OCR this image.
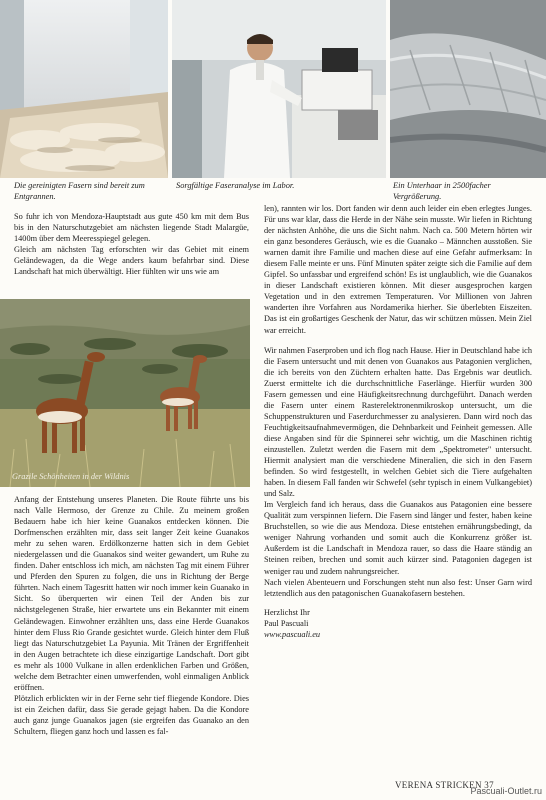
Die gereinigten Fasern sind bereit zum Entgrannen.
Sorgfältige Faseranalyse im Labor.	Ein Unterhaar in 2500facher Vergrößerung.

So fuhr ich von Mendoza-Hauptstadt aus gute 450 km mit dem Bus bis in den Naturschutzgebiet am nächsten liegende Stadt Malargüe, 1400m über dem Meeresspiegel gelegen.

Gleich am nächsten Tag erforschten wir das Gebiet mit einem Geländewagen, da die Wege anders kaum befahrbar sind. Diese Landschaft hat mich überwältigt. Hier fühlten wir uns wie am

Grazile Schönheiten in der Wildnis

Anfang der Entstehung unseres Planeten. Die Route führte uns bis nach Valle Hermoso, der Grenze zu Chile. Zu meinem großen Bedauern habe ich hier keine Guanakos entdecken können. Die Dorfmenschen erzählten mir, dass seit langer Zeit keine Guanakos mehr zu sehen waren. Erdölkonzerne hatten sich in dem Gebiet niedergelassen und die Guanakos sind weiter gewandert, um Ruhe zu finden. Daher entschloss ich mich, am nächsten Tag mit einem Führer und Pferden den Spuren zu folgen, die uns in Richtung der Berge führten. Nach einem Tagesritt hatten wir noch immer kein Guanako in Sicht. So überquerten wir einen Teil der Anden bis zur nächstgelegenen Straße, hier erwartete uns ein Bekannter mit einem Geländewagen. Einwohner erzählten uns, dass eine Herde Guanakos hinter dem Fluss Rio Grande gesichtet wurde. Gleich hinter dem Fluß liegt das Naturschutzgebiet La Payunia. Mit Tränen der Ergriffenheit in den Augen betrachtete ich diese einzigartige Landschaft. Dort gibt es mehr als 1000 Vulkane in allen erdenklichen Farben und Größen, welche dem Betrachter einen umwerfenden, wohl einmaligen Anblick eröffnen.

Plötzlich erblickten wir in der Ferne sehr tief fliegende Kondore. Dies ist ein Zeichen dafür, dass Sie gerade gejagt haben. Da die Kondore auch ganz junge Guanakos jagen (sie ergreifen das Guanako an den Schultern, fliegen ganz hoch und lassen es fal-

len), rannten wir los. Dort fanden wir denn auch leider ein eben erlegtes Junges. Für uns war klar, dass die Herde in der Nähe sein musste. Wir liefen in Richtung der nächsten Anhöhe, die uns die Sicht nahm. Nach ca. 500 Metern hörten wir ein ganz besonderes Geräusch, wie es die Guanako – Männchen ausstoßen. Sie warnen damit ihre Familie und machen diese auf eine Gefahr aufmerksam: In diesem Falle meinte er uns. Fünf Minuten später zeigte sich die Familie auf dem Gipfel. So unfassbar und ergreifend schön! Es ist unglaublich, wie die Guanakos in dieser Landschaft existieren können. Mit dieser ausgesprochen kargen Vegetation und in den extremen Temperaturen. Vor Millionen von Jahren wanderten ihre Vorfahren aus Nordamerika hierher. Sie überlebten Eiszeiten. Das ist ein großartiges Geschenk der Natur, das wir schützen müssen. Mein Ziel war erreicht.

Wir nahmen Faserproben und ich flog nach Hause. Hier in Deutschland habe ich die Fasern untersucht und mit denen von Guanakos aus Patagonien verglichen, die ich bereits von den Züchtern erhalten hatte. Das Ergebnis war deutlich. Zuerst ermittelte ich die durchschnittliche Faserlänge. Hierfür wurden 300 Fasern gemessen und eine Häufigkeitsrechnung durchgeführt. Danach werden die Fasern unter einem Rasterelektronenmikroskop untersucht, um die Schuppenstrukturen und Faserdurchmesser zu analysieren. Dann wird noch das Feuchtigkeitsaufnahmevermögen, die Dehnbarkeit und Feinheit gemessen. Alle diese Angaben sind für die Spinnerei sehr wichtig, um die Maschinen richtig einzustellen. Zuletzt werden die Fasern mit dem „Spektrometer" untersucht. Hiermit analysiert man die verschiedene Mineralien, die sich in den Fasern befinden. So wird festgestellt, in welchen Gebiet sich die Tiere aufgehalten haben. In diesem Fall fanden wir Schwefel (sehr typisch in einem Vulkangebiet) und Salz.

Im Vergleich fand ich heraus, dass die Guanakos aus Patagonien eine bessere Qualität zum verspinnen liefern. Die Fasern sind länger und fester, haben keine Bruchstellen, so wie die aus Mendoza. Diese entstehen ernährungsbedingt, da weniger Nahrung vorhanden und somit auch die Konkurrenz größer ist. Außerdem ist die Landschaft in Mendoza rauer, so dass die Haare ständig an Steinen reiben, brechen und somit auch kürzer sind. Patagonien dagegen ist weniger rau und zudem nahrungsreicher.

Nach vielen Abenteuern und Forschungen steht nun also fest: Unser Garn wird letztendlich aus den patagonischen Guanakofasern bestehen.

Herzlichst Ihr
Paul Pascuali
www.pascuali.eu
VERENA STRICKEN 37
Pascuali-Outlet.ru
